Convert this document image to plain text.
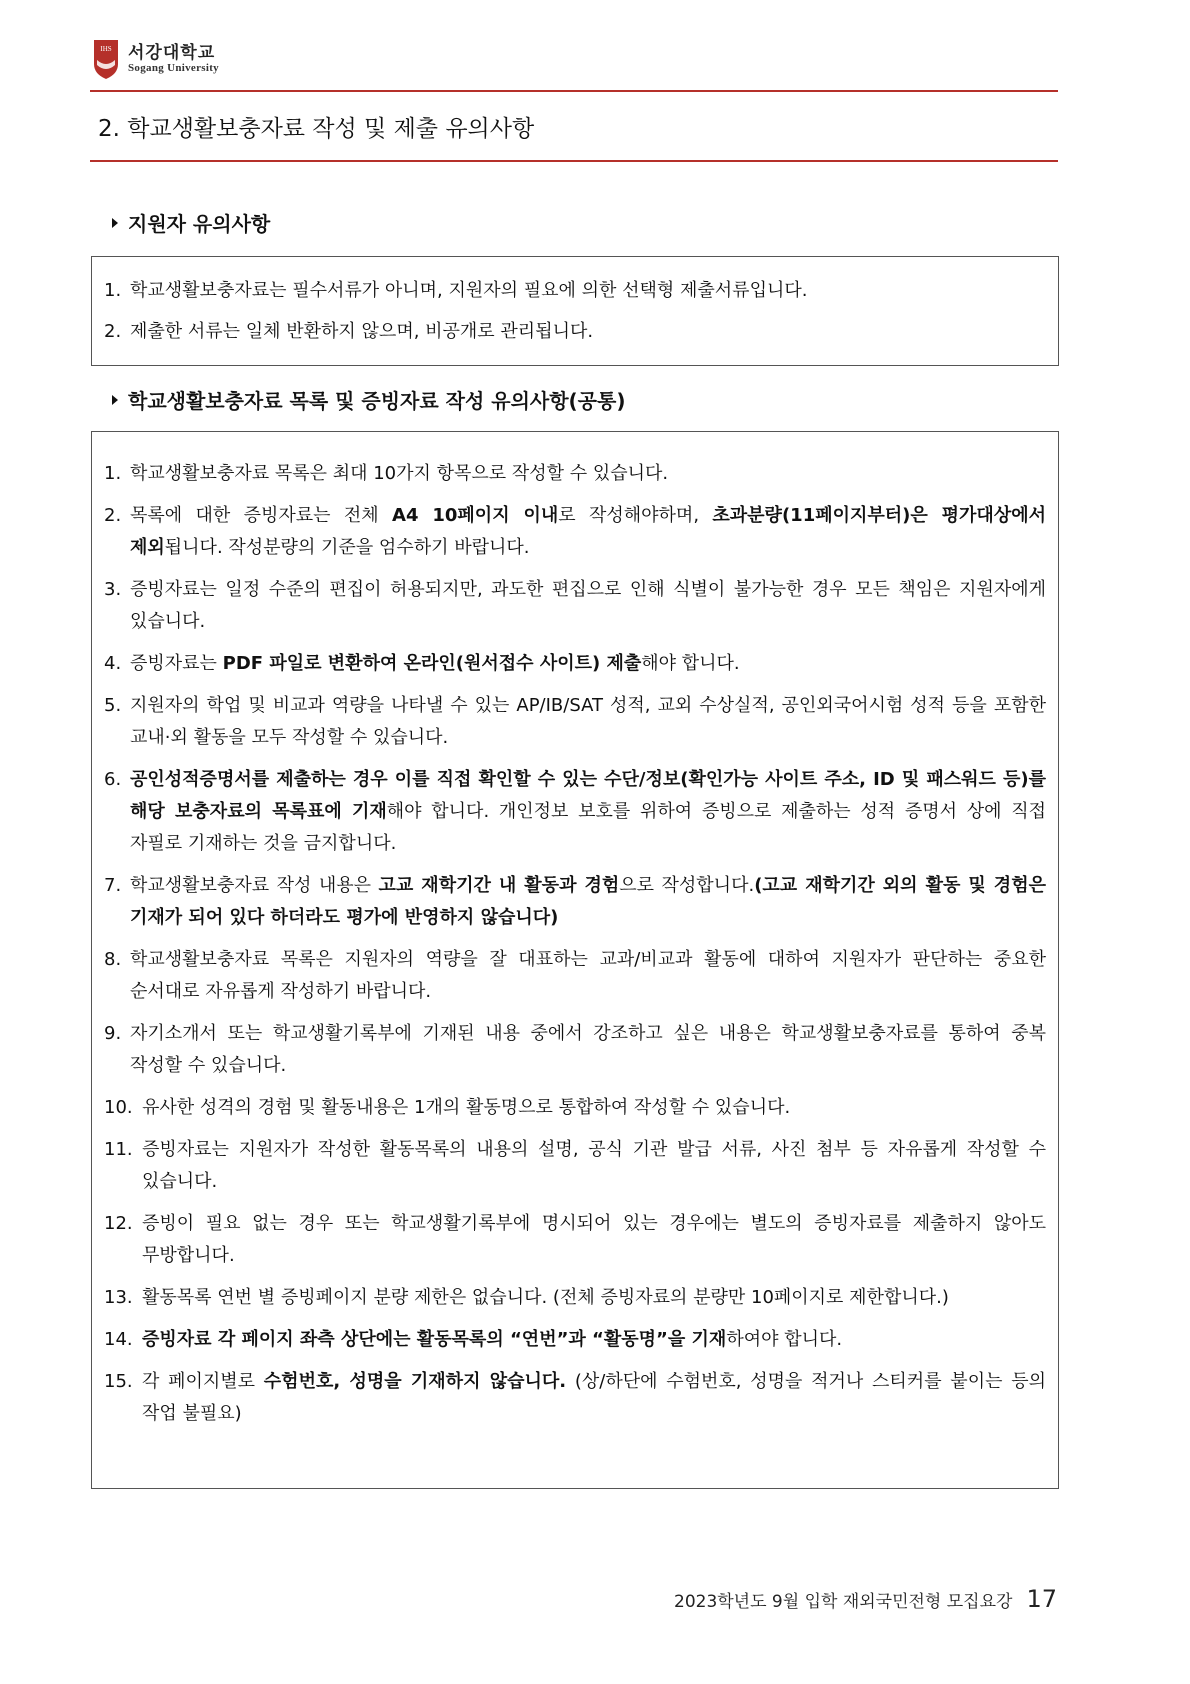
IHS 서강대학교
Sogang University
2. 학교생활보충자료 작성 및 제출 유의사항
지원자 유의사항
1. 학교생활보충자료는 필수서류가 아니며, 지원자의 필요에 의한 선택형 제출서류입니다.
2. 제출한 서류는 일체 반환하지 않으며, 비공개로 관리됩니다.
학교생활보충자료 목록 및 증빙자료 작성 유의사항(공통)
1. 학교생활보충자료 목록은 최대 10가지 항목으로 작성할 수 있습니다.
2. 목록에 대한 증빙자료는 전체 A4 10페이지 이내로 작성해야하며, 초과분량(11페이지부터)은 평가대상에서 제외됩니다. 작성분량의 기준을 엄수하기 바랍니다.
3. 증빙자료는 일정 수준의 편집이 허용되지만, 과도한 편집으로 인해 식별이 불가능한 경우 모든 책임은 지원자에게 있습니다.
4. 증빙자료는 PDF 파일로 변환하여 온라인(원서접수 사이트) 제출해야 합니다.
5. 지원자의 학업 및 비교과 역량을 나타낼 수 있는 AP/IB/SAT 성적, 교외 수상실적, 공인외국어시험 성적 등을 포함한 교내·외 활동을 모두 작성할 수 있습니다.
6. 공인성적증명서를 제출하는 경우 이를 직접 확인할 수 있는 수단/정보(확인가능 사이트 주소, ID 및 패스워드 등)를 해당 보충자료의 목록표에 기재해야 합니다. 개인정보 보호를 위하여 증빙으로 제출하는 성적 증명서 상에 직접 자필로 기재하는 것을 금지합니다.
7. 학교생활보충자료 작성 내용은 고교 재학기간 내 활동과 경험으로 작성합니다.(고교 재학기간 외의 활동 및 경험은 기재가 되어 있다 하더라도 평가에 반영하지 않습니다)
8. 학교생활보충자료 목록은 지원자의 역량을 잘 대표하는 교과/비교과 활동에 대하여 지원자가 판단하는 중요한 순서대로 자유롭게 작성하기 바랍니다.
9. 자기소개서 또는 학교생활기록부에 기재된 내용 중에서 강조하고 싶은 내용은 학교생활보충자료를 통하여 중복 작성할 수 있습니다.
10. 유사한 성격의 경험 및 활동내용은 1개의 활동명으로 통합하여 작성할 수 있습니다.
11. 증빙자료는 지원자가 작성한 활동목록의 내용의 설명, 공식 기관 발급 서류, 사진 첨부 등 자유롭게 작성할 수 있습니다.
12. 증빙이 필요 없는 경우 또는 학교생활기록부에 명시되어 있는 경우에는 별도의 증빙자료를 제출하지 않아도 무방합니다.
13. 활동목록 연번 별 증빙페이지 분량 제한은 없습니다. (전체 증빙자료의 분량만 10페이지로 제한합니다.)
14. 증빙자료 각 페이지 좌측 상단에는 활동목록의 “연번”과 “활동명”을 기재하여야 합니다.
15. 각 페이지별로 수험번호, 성명을 기재하지 않습니다. (상/하단에 수험번호, 성명을 적거나 스티커를 붙이는 등의 작업 불필요)
2023학년도 9월 입학 재외국민전형 모집요강 17
